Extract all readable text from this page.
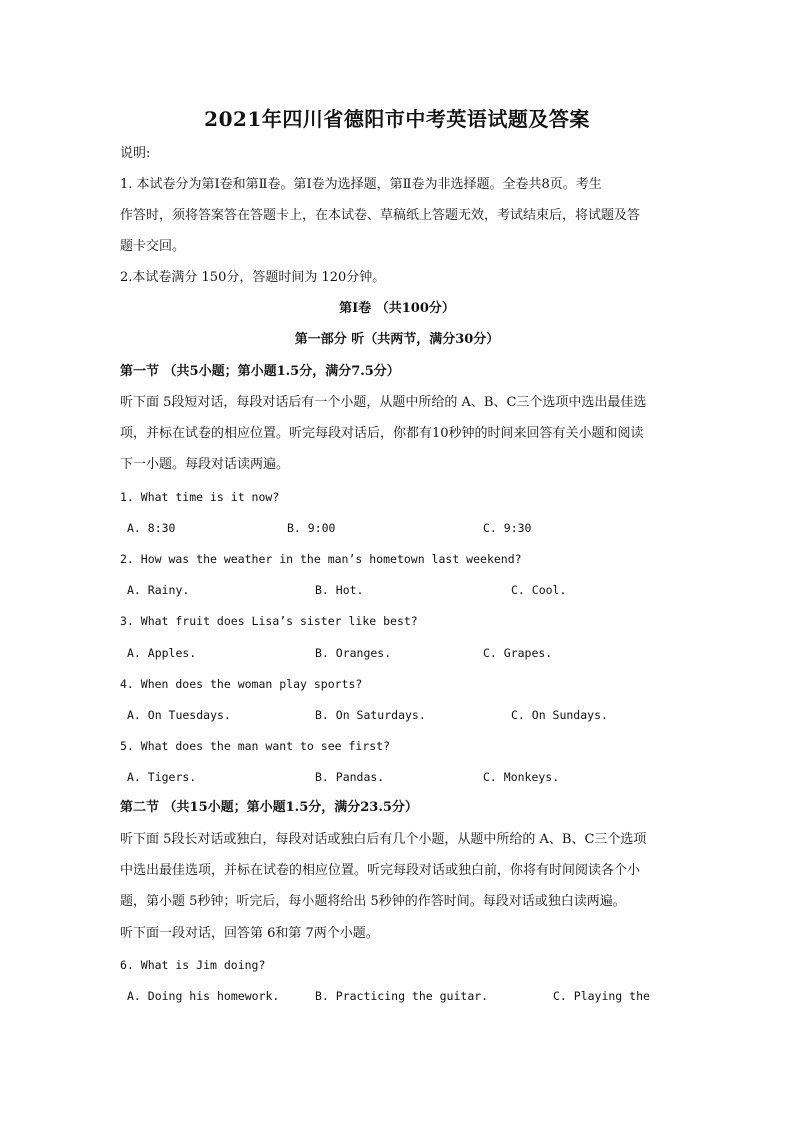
2021年四川省德阳市中考英语试题及答案
说明:
1. 本试卷分为第Ⅰ卷和第Ⅱ卷。第Ⅰ卷为选择题，第Ⅱ卷为非选择题。全卷共8页。考生
作答时，须将答案答在答题卡上，在本试卷、草稿纸上答题无效，考试结束后，将试题及答
题卡交回。
2.本试卷满分 150分，答题时间为 120分钟。
第Ⅰ卷 （共100分）
第一部分 听（共两节，满分30分）
第一节 （共5小题；第小题1.5分，满分7.5分）
听下面 5段短对话，每段对话后有一个小题，从题中所给的 A、B、C三个选项中选出最佳选
项，并标在试卷的相应位置。听完每段对话后，你都有10秒钟的时间来回答有关小题和阅读
下一小题。每段对话读两遍。
1. What time is it now?
A. 8:30	B. 9:00	C. 9:30
2. How was the weather in the man’s hometown last weekend?
A. Rainy.	B. Hot.	C. Cool.
3. What fruit does Lisa’s sister like best?
A. Apples.	B. Oranges.	C. Grapes.
4. When does the woman play sports?
A. On Tuesdays.	B. On Saturdays.	C. On Sundays.
5. What does the man want to see first?
A. Tigers.	B. Pandas.	C. Monkeys.
第二节 （共15小题；第小题1.5分，满分23.5分）
听下面 5段长对话或独白，每段对话或独白后有几个小题，从题中所给的 A、B、C三个选项
中选出最佳选项，并标在试卷的相应位置。听完每段对话或独白前，你将有时间阅读各个小
题，第小题 5秒钟；听完后，每小题将给出 5秒钟的作答时间。每段对话或独白读两遍。
听下面一段对话，回答第 6和第 7两个小题。
6. What is Jim doing?
A. Doing his homework.	B. Practicing the guitar.	C. Playing the
